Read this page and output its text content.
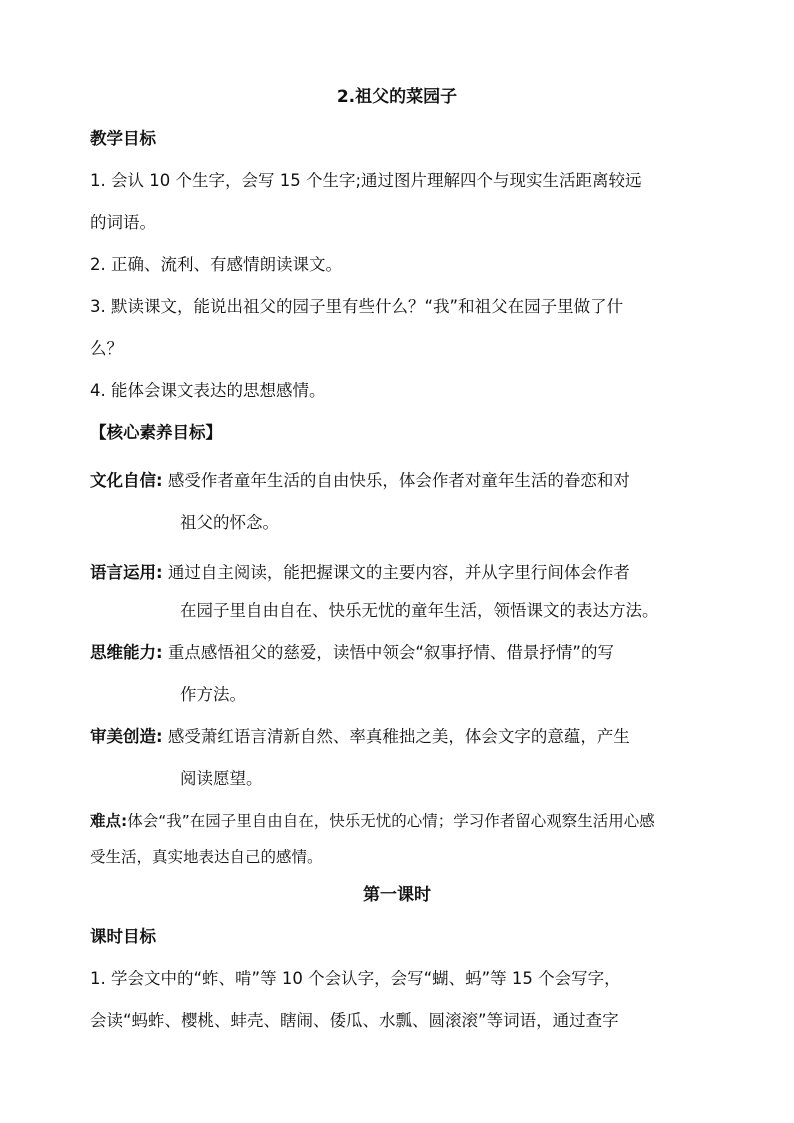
2.祖父的菜园子
教学目标
1. 会认 10 个生字，会写 15 个生字;通过图片理解四个与现实生活距离较远
的词语。
2. 正确、流利、有感情朗读课文。
3. 默读课文，能说出祖父的园子里有些什么？“我”和祖父在园子里做了什
么？
4. 能体会课文表达的思想感情。
【核心素养目标】
文化自信: 感受作者童年生活的自由快乐，体会作者对童年生活的眷恋和对
祖父的怀念。
语言运用: 通过自主阅读，能把握课文的主要内容，并从字里行间体会作者
在园子里自由自在、快乐无忧的童年生活，领悟课文的表达方法。
思维能力: 重点感悟祖父的慈爱，读悟中领会“叙事抒情、借景抒情”的写
作方法。
审美创造: 感受萧红语言清新自然、率真稚拙之美，体会文字的意蕴，产生
阅读愿望。
难点:体会“我”在园子里自由自在，快乐无忧的心情；学习作者留心观察生活用心感
受生活，真实地表达自己的感情。
第一课时
课时目标
1. 学会文中的“蚱、啃”等 10 个会认字，会写“蝴、蚂”等 15 个会写字，
会读“蚂蚱、樱桃、蚌壳、瞎闹、倭瓜、水瓢、圆滚滚”等词语，通过查字
